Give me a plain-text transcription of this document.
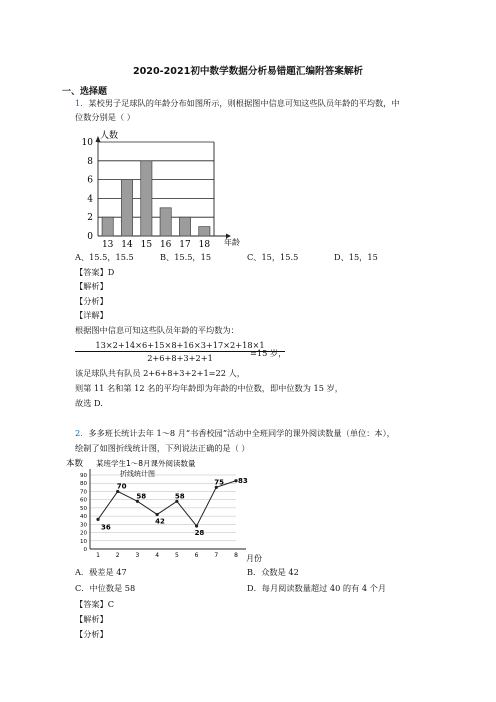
2020-2021初中数学数据分析易错题汇编附答案解析
一、选择题
1．某校男子足球队的年龄分布如图所示，则根据图中信息可知这些队员年龄的平均数，中
位数分别是（ ）
0
2
4
6
8
10
人数
年龄
13 14 15 16 17 18
A、15.5，15.5	B、15.5，15	C、15，15.5	D、15，15
【答案】D
【解析】
【分析】
【详解】
根据图中信息可知这些队员年龄的平均数为：
$\frac{13\times 2+14\times 6+15\times 8+16\times 3+17\times 2+18\times 1}{2+6+8+3+2+1}$
=15 岁，
该足球队共有队员 2+6+8+3+2+1=22 人，
则第 11 名和第 12 名的平均年龄即为年龄的中位数，即中位数为 15 岁，
故选 D.
2．多多班长统计去年 1～8 月“书香校园”活动中全班同学的课外阅读数量（单位：本），
绘制了如图折线统计图，下列说法正确的是（ ）
某班学生1～8月课外阅读数量
折线统计图
本数
0
10
20
30
40
50
60
70
80
90
月份
36
1
70
2
58
3
42
4
58
5
28
6
75
7
83
8
A．极差是 47	B．众数是 42
C．中位数是 58	D．每月阅读数量超过 40 的有 4 个月
【答案】C
【解析】
【分析】
